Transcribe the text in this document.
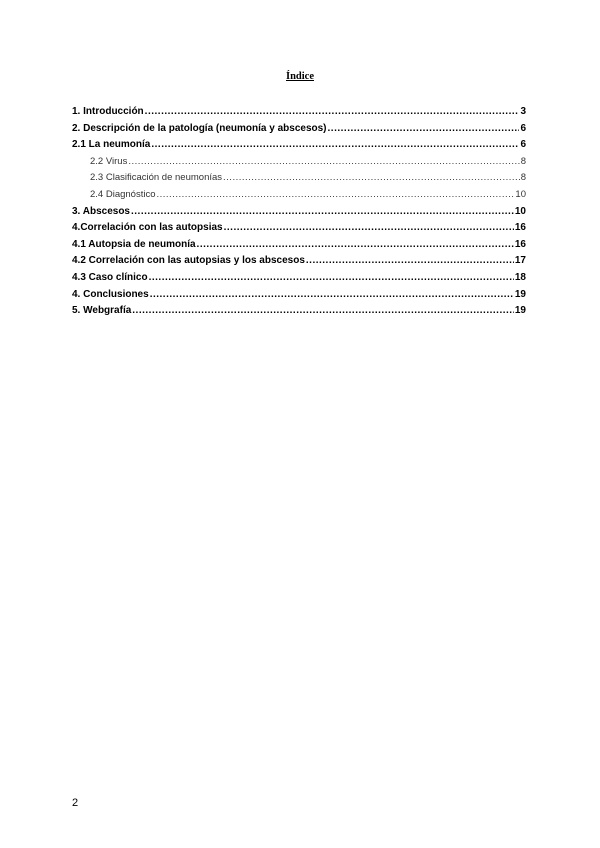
Índice
1. Introducción .....	3
2. Descripción de la patología (neumonía y abscesos) .....	6
2.1 La neumonía .....	6
2.2 Virus .....	8
2.3 Clasificación de neumonías .....	8
2.4 Diagnóstico .....	10
3. Abscesos .....	10
4.Correlación con las autopsias .....	16
4.1 Autopsia de neumonía .....	16
4.2 Correlación con las autopsias y los abscesos .....	17
4.3 Caso clínico .....	18
4. Conclusiones .....	19
5. Webgrafía .....	19
2
